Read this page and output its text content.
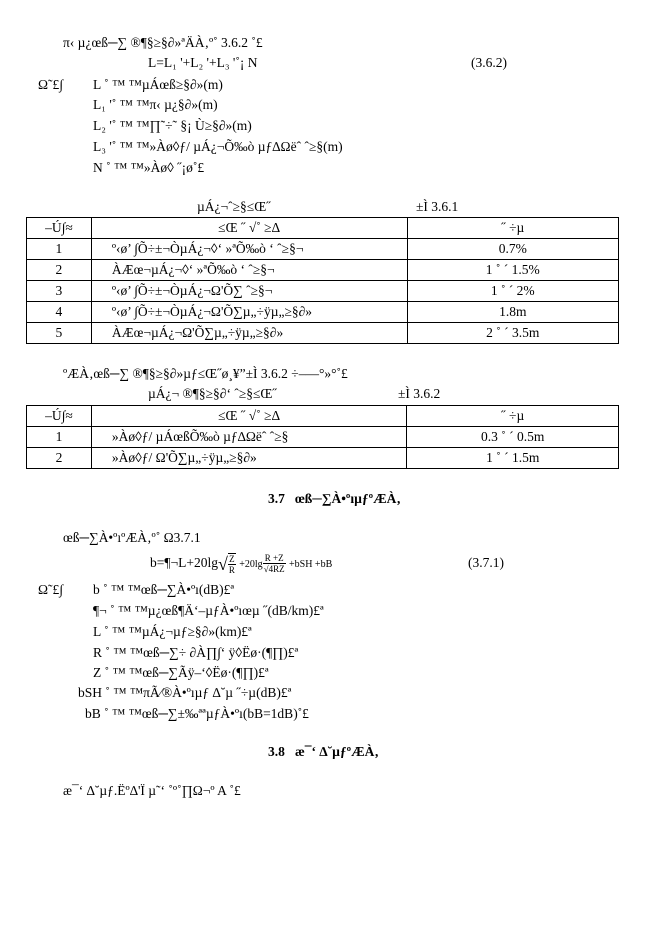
π‹ µ¿œß─∑ ®¶§≥§∂»ªÄÀ‚º˚ 3.6.2 ˚£
L=L₁ '+L₂ '+L₃ '˚¡ N	(3.6.2)
Ω˜£∫ L ˚ ™ ™µÁœß≥§∂»(m)
L₁ '˚ ™ ™π‹ µ¿§∂»(m)
L₂ '˚ ™ ™∏˜÷˜ §¡ Ù≥§∂»(m)
L₃ '˚ ™ ™»Àø◊ƒ/ µÁ¿¬Õ‰ò µƒ∆Ωëˆ ˆ≥§(m)
N ˚ ™ ™»Àø◊ ˝¡ø˚£
µÁ¿¬ˆ≥§≤Œ˝	±Ì 3.6.1
–Ú∫≈	≤Œ ˝ √˚ ≥Δ	˝ ÷µ
1	º‹ø’ ∫Õ÷±¬ÒµÁ¿¬◊‘ »ªÕ‰ò ‘ ˆ≥§¬	0.7%
2	ÀÆœ¬µÁ¿¬◊‘ »ªÕ‰ò ‘ ˆ≥§¬	1 ˚ ´ 1.5%
3	º‹ø’ ∫Õ÷±¬ÒµÁ¿¬Ω'Õ∑ ˆ≥§¬	1 ˚ ´ 2%
4	º‹ø’ ∫Õ÷±¬ÒµÁ¿¬Ω'Õ∑µ„÷ÿµ„≥§∂»	1.8m
5	ÀÆœ¬µÁ¿¬Ω'Õ∑µ„÷ÿµ„≥§∂»	2 ˚ ´ 3.5m
ºÆÀ‚œß─∑ ®¶§≥§∂»µƒ≤Œ˝ø¸¥”±Ì 3.6.2 ÷–—°»°˚£
µÁ¿¬ ®¶§≥§∂‘ ˆ≥§≤Œ˝	±Ì 3.6.2
–Ú∫≈	≤Œ ˝ √˚ ≥Δ	˝ ÷µ
1	»Àø◊ƒ/ µÁœßÕ‰ò µƒ∆Ωëˆ ˆ≥§	0.3 ˚ ´ 0.5m
2	»Àø◊ƒ/ Ω'Õ∑µ„÷ÿµ„≥§∂»	1 ˚ ´ 1.5m
3.7 œß─∑À•ºıµƒºÆÀ‚
œß─∑À•ºıºÆÀ‚º˚ Ω3.7.1
b=¶¬L+20lg√ $\frac{Z}{R} +20\lg \frac{R +Z}{√4RZ} +bSH +bB$	(3.7.1)
Ω˜£∫ b ˚ ™ ™œß─∑À•ºı(dB)£ª
¶¬ ˚ ™ ™µ¿œß¶Ä‘–µƒÀ•ºıœµ ˝(dB/km)£ª
L ˚ ™ ™µÁ¿¬µƒ≥§∂»(km)£ª
R ˚ ™ ™œß─∑÷ ∂À∏∫‘ ÿ◊Ëø·(¶∏)£ª
Z ˚ ™ ™œß─∑Ãÿ–‘◊Ëø·(¶∏)£ª
bSH ˚ ™ ™πÃ⁄®À•ºıµƒ ∆˘µ ˝÷µ(dB)£ª
bB ˚ ™ ™œß─∑±‰ªªµƒÀ•ºı(bB=1dB)˚£
3.8 æ¯‘ ∆˘µƒºÆÀ‚
æ¯‘ ∆˘µƒ.Ëº∆'Ï µ˜‘ ˚º˚∏Ω¬º A ˚£
